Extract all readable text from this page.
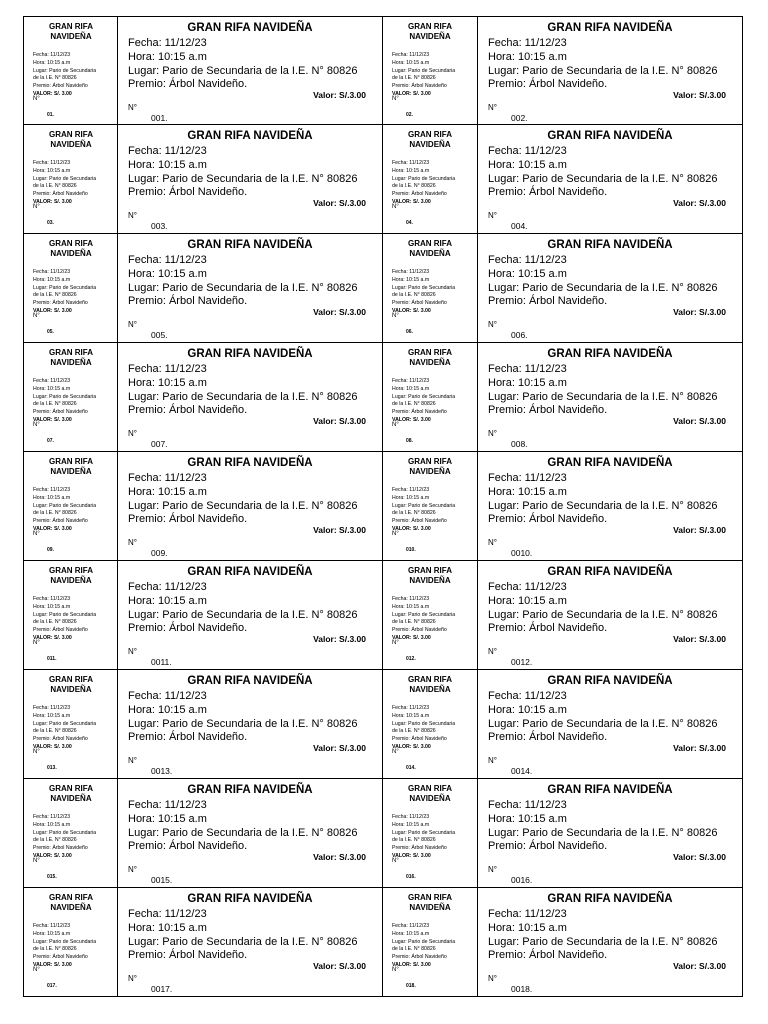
GRAN RIFA NAVIDEÑA
Fecha: 11/12/23
Hora: 10:15 a.m
Lugar: Pario de Secundaria
de la I.E. N° 80826
Premio: Árbol Navideño
VALOR: S/. 3.00
N°
01.
GRAN RIFA NAVIDEÑA
Fecha: 11/12/23
Hora: 10:15 a.m
Lugar: Pario de Secundaria de la I.E. N° 80826
Premio: Árbol Navideño.
Valor: S/.3.00
N°
001.
GRAN RIFA NAVIDEÑA
Fecha: 11/12/23
Hora: 10:15 a.m
Lugar: Pario de Secundaria
de la I.E. N° 80826
Premio: Árbol Navideño
VALOR: S/. 3.00
N°
02.
GRAN RIFA NAVIDEÑA
Fecha: 11/12/23
Hora: 10:15 a.m
Lugar: Pario de Secundaria de la I.E. N° 80826
Premio: Árbol Navideño.
Valor: S/.3.00
N°
002.
GRAN RIFA NAVIDEÑA
Fecha: 11/12/23
Hora: 10:15 a.m
Lugar: Pario de Secundaria
de la I.E. N° 80826
Premio: Árbol Navideño
VALOR: S/. 3.00
N°
03.
GRAN RIFA NAVIDEÑA
Fecha: 11/12/23
Hora: 10:15 a.m
Lugar: Pario de Secundaria de la I.E. N° 80826
Premio: Árbol Navideño.
Valor: S/.3.00
N°
003.
GRAN RIFA NAVIDEÑA
Fecha: 11/12/23
Hora: 10:15 a.m
Lugar: Pario de Secundaria
de la I.E. N° 80826
Premio: Árbol Navideño
VALOR: S/. 3.00
N°
04.
GRAN RIFA NAVIDEÑA
Fecha: 11/12/23
Hora: 10:15 a.m
Lugar: Pario de Secundaria de la I.E. N° 80826
Premio: Árbol Navideño.
Valor: S/.3.00
N°
004.
GRAN RIFA NAVIDEÑA
Fecha: 11/12/23
Hora: 10:15 a.m
Lugar: Pario de Secundaria
de la I.E. N° 80826
Premio: Árbol Navideño
VALOR: S/. 3.00
N°
05.
GRAN RIFA NAVIDEÑA
Fecha: 11/12/23
Hora: 10:15 a.m
Lugar: Pario de Secundaria de la I.E. N° 80826
Premio: Árbol Navideño.
Valor: S/.3.00
N°
005.
GRAN RIFA NAVIDEÑA
Fecha: 11/12/23
Hora: 10:15 a.m
Lugar: Pario de Secundaria
de la I.E. N° 80826
Premio: Árbol Navideño
VALOR: S/. 3.00
N°
06.
GRAN RIFA NAVIDEÑA
Fecha: 11/12/23
Hora: 10:15 a.m
Lugar: Pario de Secundaria de la I.E. N° 80826
Premio: Árbol Navideño.
Valor: S/.3.00
N°
006.
GRAN RIFA NAVIDEÑA
Fecha: 11/12/23
Hora: 10:15 a.m
Lugar: Pario de Secundaria
de la I.E. N° 80826
Premio: Árbol Navideño
VALOR: S/. 3.00
N°
07.
GRAN RIFA NAVIDEÑA
Fecha: 11/12/23
Hora: 10:15 a.m
Lugar: Pario de Secundaria de la I.E. N° 80826
Premio: Árbol Navideño.
Valor: S/.3.00
N°
007.
GRAN RIFA NAVIDEÑA
Fecha: 11/12/23
Hora: 10:15 a.m
Lugar: Pario de Secundaria
de la I.E. N° 80826
Premio: Árbol Navideño
VALOR: S/. 3.00
N°
08.
GRAN RIFA NAVIDEÑA
Fecha: 11/12/23
Hora: 10:15 a.m
Lugar: Pario de Secundaria de la I.E. N° 80826
Premio: Árbol Navideño.
Valor: S/.3.00
N°
008.
GRAN RIFA NAVIDEÑA
Fecha: 11/12/23
Hora: 10:15 a.m
Lugar: Pario de Secundaria
de la I.E. N° 80826
Premio: Árbol Navideño
VALOR: S/. 3.00
N°
09.
GRAN RIFA NAVIDEÑA
Fecha: 11/12/23
Hora: 10:15 a.m
Lugar: Pario de Secundaria de la I.E. N° 80826
Premio: Árbol Navideño.
Valor: S/.3.00
N°
009.
GRAN RIFA NAVIDEÑA
Fecha: 11/12/23
Hora: 10:15 a.m
Lugar: Pario de Secundaria
de la I.E. N° 80826
Premio: Árbol Navideño
VALOR: S/. 3.00
N°
010.
GRAN RIFA NAVIDEÑA
Fecha: 11/12/23
Hora: 10:15 a.m
Lugar: Pario de Secundaria de la I.E. N° 80826
Premio: Árbol Navideño.
Valor: S/.3.00
N°
0010.
GRAN RIFA NAVIDEÑA
Fecha: 11/12/23
Hora: 10:15 a.m
Lugar: Pario de Secundaria
de la I.E. N° 80826
Premio: Árbol Navideño
VALOR: S/. 3.00
N°
011.
GRAN RIFA NAVIDEÑA
Fecha: 11/12/23
Hora: 10:15 a.m
Lugar: Pario de Secundaria de la I.E. N° 80826
Premio: Árbol Navideño.
Valor: S/.3.00
N°
0011.
GRAN RIFA NAVIDEÑA
Fecha: 11/12/23
Hora: 10:15 a.m
Lugar: Pario de Secundaria
de la I.E. N° 80826
Premio: Árbol Navideño
VALOR: S/. 3.00
N°
012.
GRAN RIFA NAVIDEÑA
Fecha: 11/12/23
Hora: 10:15 a.m
Lugar: Pario de Secundaria de la I.E. N° 80826
Premio: Árbol Navideño.
Valor: S/.3.00
N°
0012.
GRAN RIFA NAVIDEÑA
Fecha: 11/12/23
Hora: 10:15 a.m
Lugar: Pario de Secundaria
de la I.E. N° 80826
Premio: Árbol Navideño
VALOR: S/. 3.00
N°
013.
GRAN RIFA NAVIDEÑA
Fecha: 11/12/23
Hora: 10:15 a.m
Lugar: Pario de Secundaria de la I.E. N° 80826
Premio: Árbol Navideño.
Valor: S/.3.00
N°
0013.
GRAN RIFA NAVIDEÑA
Fecha: 11/12/23
Hora: 10:15 a.m
Lugar: Pario de Secundaria
de la I.E. N° 80826
Premio: Árbol Navideño
VALOR: S/. 3.00
N°
014.
GRAN RIFA NAVIDEÑA
Fecha: 11/12/23
Hora: 10:15 a.m
Lugar: Pario de Secundaria de la I.E. N° 80826
Premio: Árbol Navideño.
Valor: S/.3.00
N°
0014.
GRAN RIFA NAVIDEÑA
Fecha: 11/12/23
Hora: 10:15 a.m
Lugar: Pario de Secundaria
de la I.E. N° 80826
Premio: Árbol Navideño
VALOR: S/. 3.00
N°
015.
GRAN RIFA NAVIDEÑA
Fecha: 11/12/23
Hora: 10:15 a.m
Lugar: Pario de Secundaria de la I.E. N° 80826
Premio: Árbol Navideño.
Valor: S/.3.00
N°
0015.
GRAN RIFA NAVIDEÑA
Fecha: 11/12/23
Hora: 10:15 a.m
Lugar: Pario de Secundaria
de la I.E. N° 80826
Premio: Árbol Navideño
VALOR: S/. 3.00
N°
016.
GRAN RIFA NAVIDEÑA
Fecha: 11/12/23
Hora: 10:15 a.m
Lugar: Pario de Secundaria de la I.E. N° 80826
Premio: Árbol Navideño.
Valor: S/.3.00
N°
0016.
GRAN RIFA NAVIDEÑA
Fecha: 11/12/23
Hora: 10:15 a.m
Lugar: Pario de Secundaria
de la I.E. N° 80826
Premio: Árbol Navideño
VALOR: S/. 3.00
N°
017.
GRAN RIFA NAVIDEÑA
Fecha: 11/12/23
Hora: 10:15 a.m
Lugar: Pario de Secundaria de la I.E. N° 80826
Premio: Árbol Navideño.
Valor: S/.3.00
N°
0017.
GRAN RIFA NAVIDEÑA
Fecha: 11/12/23
Hora: 10:15 a.m
Lugar: Pario de Secundaria
de la I.E. N° 80826
Premio: Árbol Navideño
VALOR: S/. 3.00
N°
018.
GRAN RIFA NAVIDEÑA
Fecha: 11/12/23
Hora: 10:15 a.m
Lugar: Pario de Secundaria de la I.E. N° 80826
Premio: Árbol Navideño.
Valor: S/.3.00
N°
0018.
